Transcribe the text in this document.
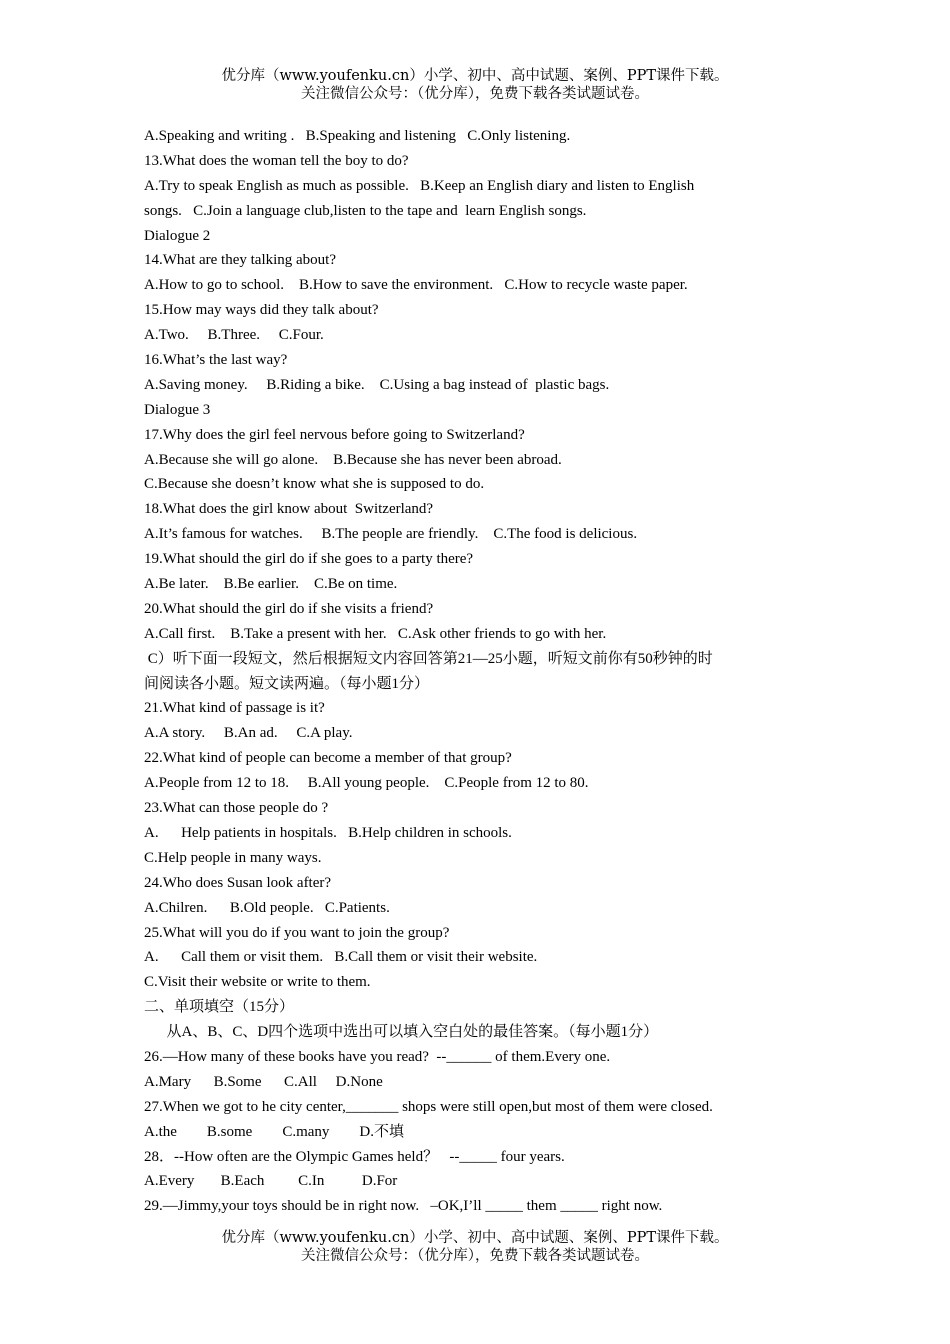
优分库（www.youfenku.cn）小学、初中、高中试题、案例、PPT课件下载。
关注微信公众号：（优分库），免费下载各类试题试卷。

A.Speaking and writing .   B.Speaking and listening   C.Only listening.

13.What does the woman tell the boy to do?

A.Try to speak English as much as possible.   B.Keep an English diary and listen to English

songs.   C.Join a language club,listen to the tape and  learn English songs.

Dialogue 2

14.What are they talking about?

A.How to go to school.    B.How to save the environment.   C.How to recycle waste paper.

15.How may ways did they talk about?

A.Two.     B.Three.     C.Four.

16.What’s the last way?

A.Saving money.     B.Riding a bike.    C.Using a bag instead of  plastic bags.

Dialogue 3

17.Why does the girl feel nervous before going to Switzerland?

A.Because she will go alone.    B.Because she has never been abroad.

C.Because she doesn’t know what she is supposed to do.

18.What does the girl know about  Switzerland?

A.It’s famous for watches.     B.The people are friendly.    C.The food is delicious.

19.What should the girl do if she goes to a party there?

A.Be later.    B.Be earlier.    C.Be on time.

20.What should the girl do if she visits a friend?

A.Call first.    B.Take a present with her.   C.Ask other friends to go with her.

C）听下面一段短文，然后根据短文内容回答第21—25小题，听短文前你有50秒钟的时

间阅读各小题。短文读两遍。（每小题1分）

21.What kind of passage is it?

A.A story.     B.An ad.     C.A play.

22.What kind of people can become a member of that group?

A.People from 12 to 18.     B.All young people.    C.People from 12 to 80.

23.What can those people do ?

A.      Help patients in hospitals.   B.Help children in schools.

C.Help people in many ways.

24.Who does Susan look after?

A.Chilren.      B.Old people.   C.Patients.

25.What will you do if you want to join the group?

A.      Call them or visit them.   B.Call them or visit their website.

C.Visit their website or write to them.

二、单项填空（15分）

从A、B、C、D四个选项中选出可以填入空白处的最佳答案。（每小题1分）

26.—How many of these books have you read?  --______ of them.Every one.

A.Mary      B.Some      C.All     D.None

27.When we got to he city center,_______ shops were still open,but most of them were closed.

A.the        B.some        C.many        D.不填

28．--How often are the Olympic Games held？   --_____ four years.

A.Every       B.Each         C.In          D.For

29.—Jimmy,your toys should be in right now.   –OK,I’ll _____ them _____ right now.

优分库（www.youfenku.cn）小学、初中、高中试题、案例、PPT课件下载。
关注微信公众号：（优分库），免费下载各类试题试卷。
